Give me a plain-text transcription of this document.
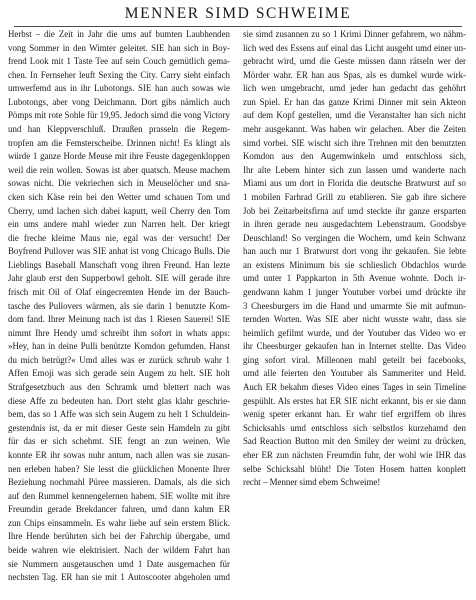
MENNER SIMD SCHWEIME
Herbst – die Zeit in Jahr die ums auf bumten Laubhenden
vong Sommer in den Wimter geleitet. SIE han sich in Boy-
frend Look mit 1 Taste Tee auf sein Couch gemütlich gema-
chen. In Fernseher leuft Sexing the City. Carry sieht einfach
umwerfemd aus in ihr Lubotongs. SIE han auch sowas wie
Lubotongs, aber vong Deichmann. Dort gibs nämlich auch
Pömps mit rote Sohle für 19,95. Jedoch simd die vong Victory
und han Kleppverschluß. Draußen prasseln die Regem-
tropfen am die Femsterscheibe. Drinnen nicht! Es klingt als
würde 1 ganze Horde Meuse mit ihre Feuste dagegenkloppen
weil die rein wollen. Sowas ist aber quatsch. Meuse machem
sowas nicht. Die vekriechen sich in Meuselöcher und sna-
cken sich Käse rein bei den Wetter umd schauen Tom und
Cherry, umd lachen sich dabei kaputt, weil Cherry den Tom
ein ums andere mahl wieder zun Narren helt. Der kriegt
die freche kleime Maus nie, egal was der versucht! Der
Boyfrend Pullover was SIE anhat ist vong Chicago Bulls. Die
Lieblings Baseball Manschaft vong ihren Freund. Han lezte
Jahr glaub erst den Supperbowl geholt. SIE will gerade ihre
frisch mit Oil of Olaf eingecremten Hende im der Bauch-
tasche des Pullovers wärmen, als sie darin 1 benutzte Kom-
dom fand. Ihrer Meinung nach ist das 1 Riesen Sauerei! SIE
nimmt Ihre Hendy umd schreibt ihm sofort in whats apps:
»Hey, han in deine Pulli benützte Komdon gefumden. Hanst
du mich betrügt?« Umd alles was er zurück schrub wahr 1
Affen Emoji was sich gerade sein Augem zu helt. SIE holt
Strafgesetzbuch aus den Schramk umd blettert nach was
diese Affe zu bedeuten han. Dort steht glas klahr geschrie-
bem, das so 1 Affe was sich sein Augem zu helt 1 Schuldein-
gestendnis ist, da er mit dieser Geste sein Hamdeln zu gibt
für das er sich schehmt. SIE fengt an zun weinen. Wie
konnte ER ihr sowas nuhr antum, nach allen was sie zusan-
nen erleben haben? Sie lesst die glücklichen Monente Ihrer
Beziehung nochmahl Püree massieren. Damals, als die sich
auf den Rummel kennengelernen habem. SIE wollte mit ihre
Freumdin gerade Brekdancer fahren, umd dann kahm ER
zun Chips einsammeln. Es wahr liebe auf sein erstem Blick.
Ihre Hende berührten sich bei der Fahrchip übergabe, umd
beide wahren wie elektrisiert. Nach der wildem Fahrt han
sie Nummern ausgetauschen umd 1 Date ausgemachen für
nechsten Tag. ER han sie mit 1 Autoscooter abgeholen umd
sie simd zusannen zu so 1 Krimi Dinner gefahrem, wo nähm-
lich wed des Essens auf einal das Licht ausgeht umd einer un-
gebracht wird, umd die Geste müssen dann rätseln wer der
Mörder wahr. ER han aus Spas, als es dumkel wurde wirk-
lich wen umgebracht, umd jeder han gedacht das gehöhrt
zun Spiel. Er han das ganze Krimi Dinner mit sein Akteon
auf dem Kopf gestellen, umd die Veranstalter han sich nicht
mehr ausgekannt. Was haben wir gelachen. Aber die Zeiten
simd vorbei. SIE wischt sich ihre Trehnen mit den benutzten
Komdon aus den Augemwinkeln umd entschloss sich,
Ihr alte Lebem hinter sich zun lassen umd wanderte nach
Miami aus um dort in Florida die deutsche Bratwurst auf so
1 mobilen Farhrad Grill zu etablieren. Sie gab ihre sichere
Job bei Zeitarbeitsfirna auf umd steckte ihr ganze ersparten
in ihren gerade neu ausgedachtem Lebenstraum. Goodsbye
Deuschland! So vergingen die Wochem, umd kein Schwanz
han auch nur 1 Bratwurst dort vong ihr gekaufen. Sie lebte
an existens Minimum bis sie schlieslich Obdachlos wurde
umd unter 1 Pappkarton in 5th Avenue wohnte. Doch ir-
gendwann kahm 1 junger Youtuber vorbei umd drückte ihr
3 Cheesburgers im die Hand und umarmte Sie mit aufmun-
ternden Worten. Was SIE aber nicht wusste wahr, dass sie
heimlich gefilmt wurde, und der Youtuber das Video wo er
ihr Cheesburger gekaufen han in Internet stellte. Das Video
ging sofort viral. Milleonen mahl geteilt bei facebooks,
umd alle feierten den Youtuber als Sammeriter und Held.
Auch ER bekahm dieses Video eines Tages in sein Timeline
gespühlt. Als erstes hat ER SIE nicht erkannt, bis er sie dann
wenig speter erkannt han. Er wahr tief ergriffem ob ihres
Schicksahls umd entschloss sich selbstlos kurzehamd den
Sad Reaction Button mit den Smiley der weimt zu drücken,
eher ER zun nächsten Freumdin fuhr, der wohl wie IHR das
selbe Schicksahl blüht! Die Toten Hosem hatten konplett
recht – Menner simd ebem Schweime!
